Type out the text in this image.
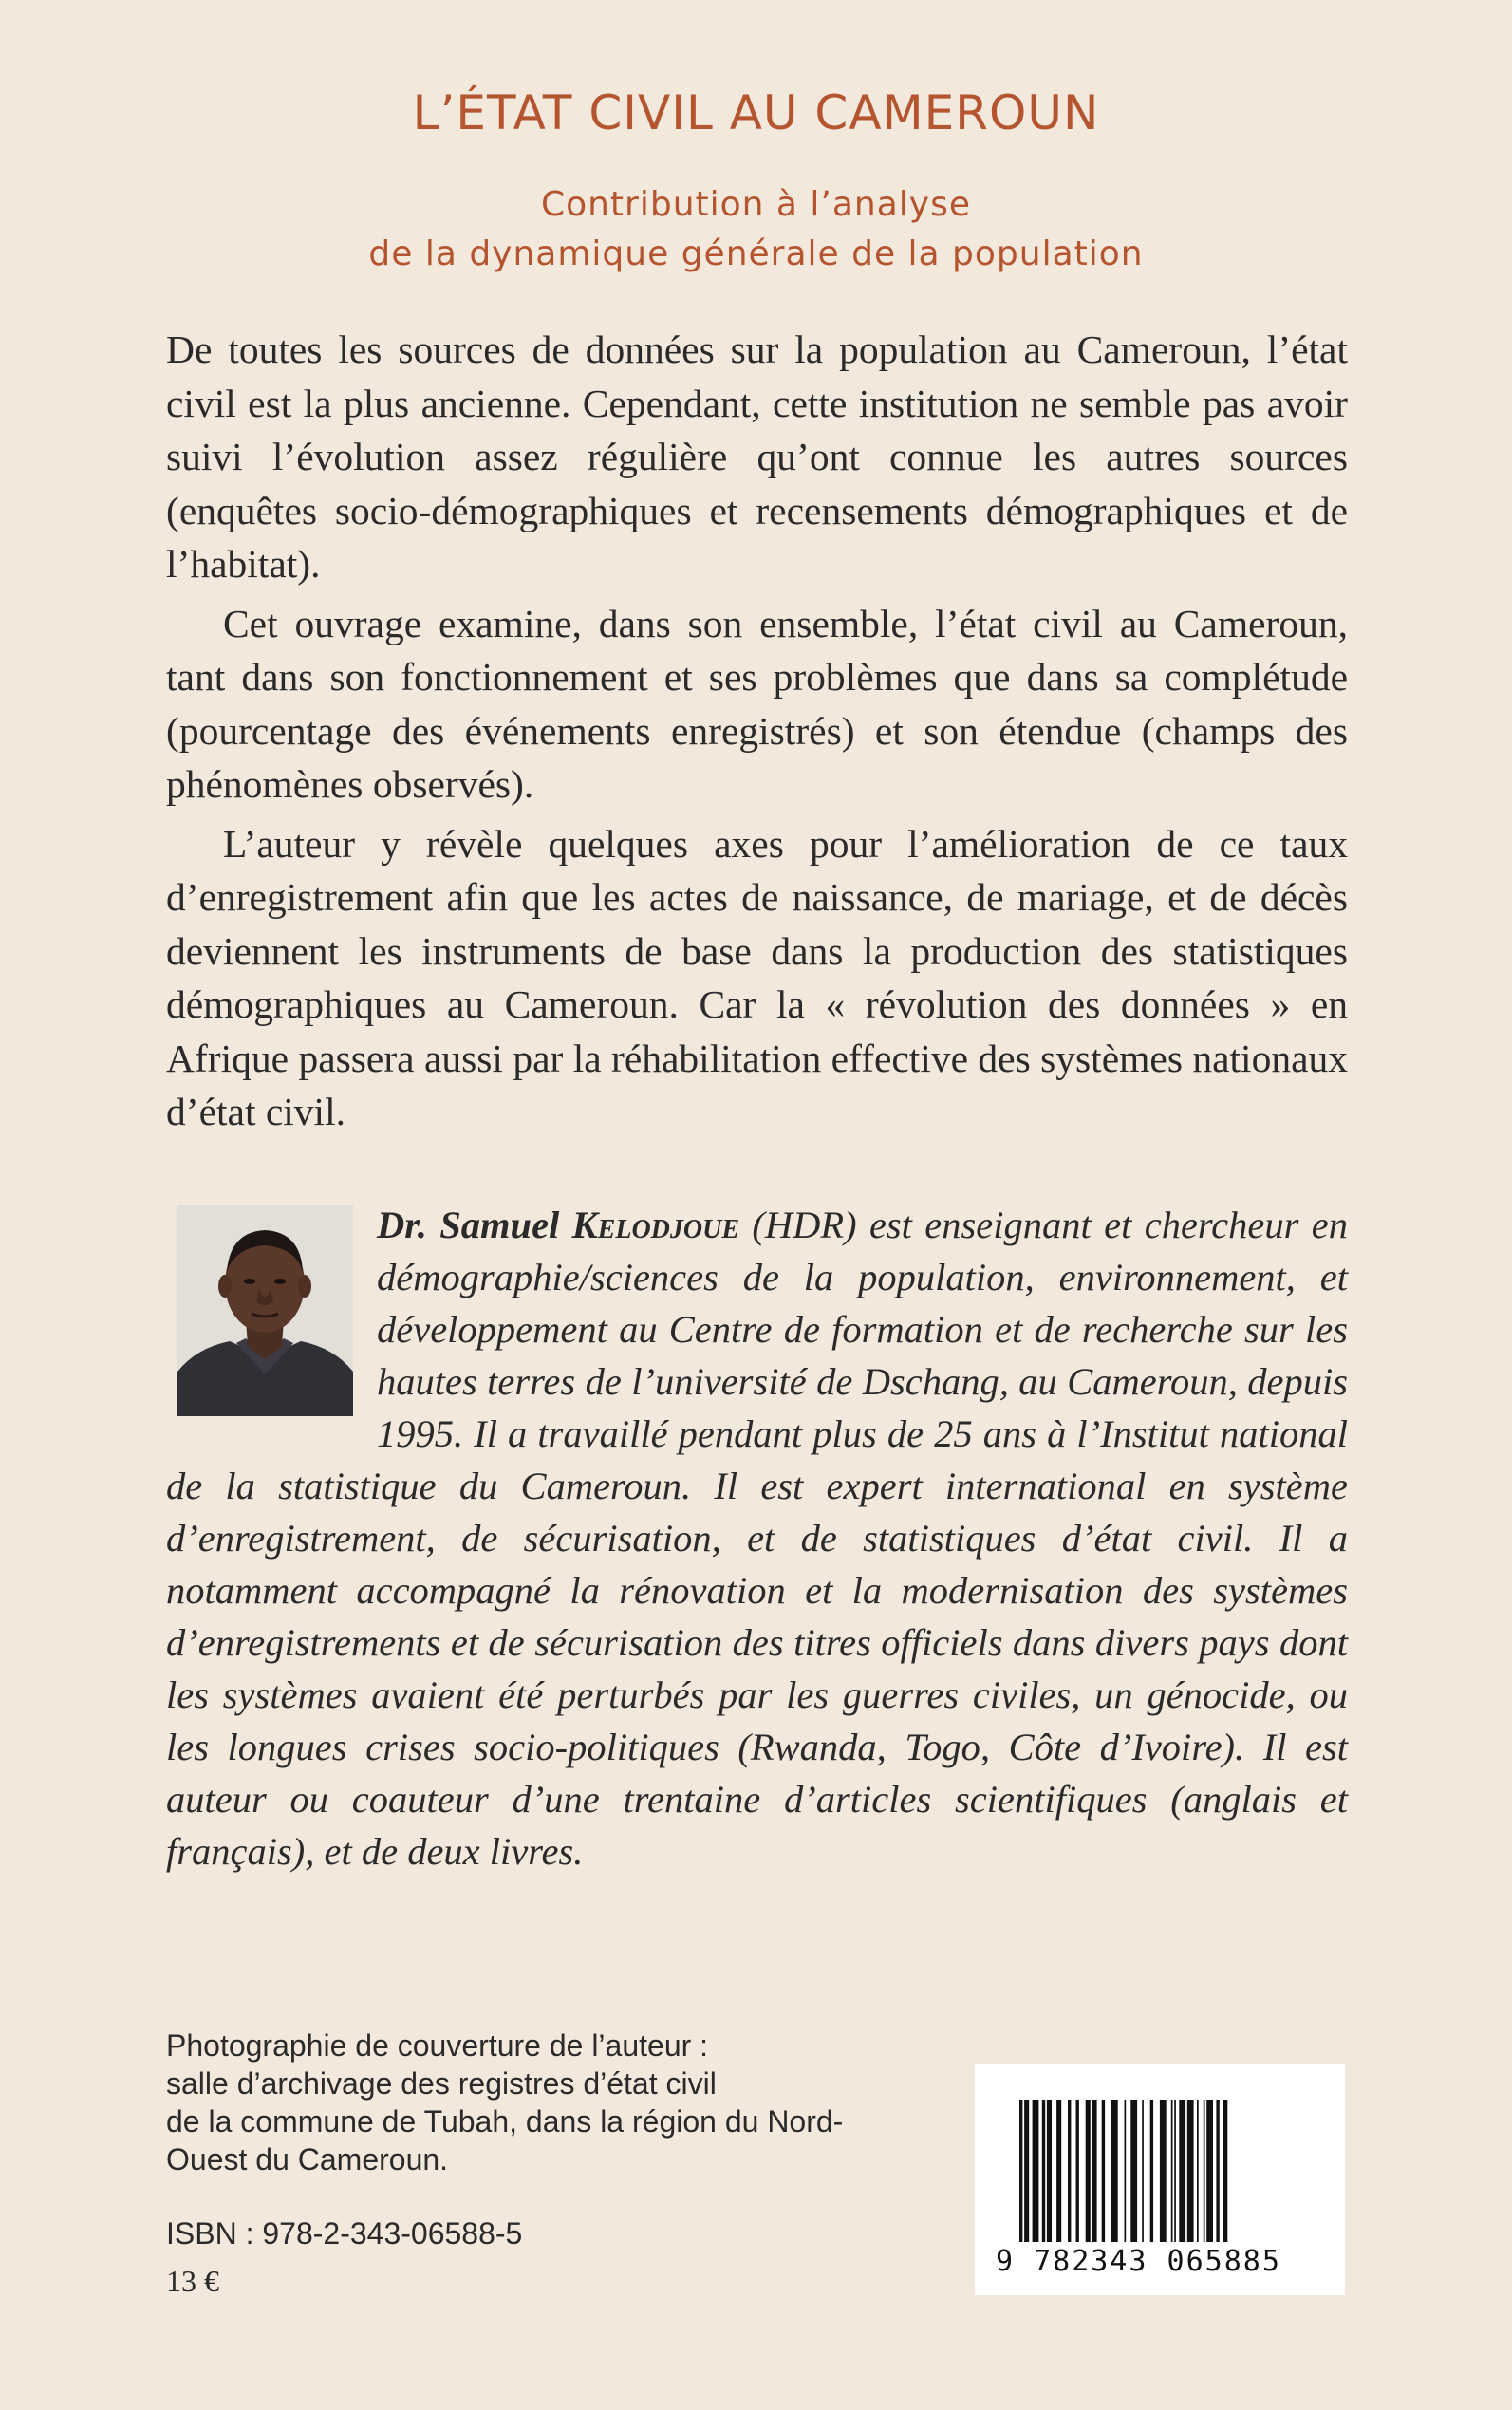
L’ÉTAT CIVIL AU CAMEROUN
Contribution à l’analyse
de la dynamique générale de la population

De toutes les sources de données sur la population au Cameroun, l’état civil est la plus ancienne. Cependant, cette institution ne semble pas avoir suivi l’évolution assez régulière qu’ont connue les autres sources (enquêtes socio-démographiques et recensements démographiques et de l’habitat).

Cet ouvrage examine, dans son ensemble, l’état civil au Cameroun, tant dans son fonctionnement et ses problèmes que dans sa complétude (pourcentage des événements enregistrés) et son étendue (champs des phénomènes observés).

L’auteur y révèle quelques axes pour l’amélioration de ce taux d’enregistrement afin que les actes de naissance, de mariage, et de décès deviennent les instruments de base dans la production des statistiques démographiques au Cameroun. Car la « révolution des données » en Afrique passera aussi par la réhabilitation effective des systèmes nationaux d’état civil.

Dr. Samuel Kelodjoue (HDR) est enseignant et chercheur en démographie/sciences de la population, environnement, et développement au Centre de formation et de recherche sur les hautes terres de l’université de Dschang, au Cameroun, depuis 1995. Il a travaillé pendant plus de 25 ans à l’Institut national de la statistique du Cameroun. Il est expert international en système d’enregistrement, de sécurisation, et de statistiques d’état civil. Il a notamment accompagné la rénovation et la modernisation des systèmes d’enregistrements et de sécurisation des titres officiels dans divers pays dont les systèmes avaient été perturbés par les guerres civiles, un génocide, ou les longues crises socio-politiques (Rwanda, Togo, Côte d’Ivoire). Il est auteur ou coauteur d’une trentaine d’articles scientifiques (anglais et français), et de deux livres.
Photographie de couverture de l’auteur :
salle d’archivage des registres d’état civil
de la commune de Tubah, dans la région du Nord-
Ouest du Cameroun.
ISBN : 978-2-343-06588-5
13 €
9 782343 065885
